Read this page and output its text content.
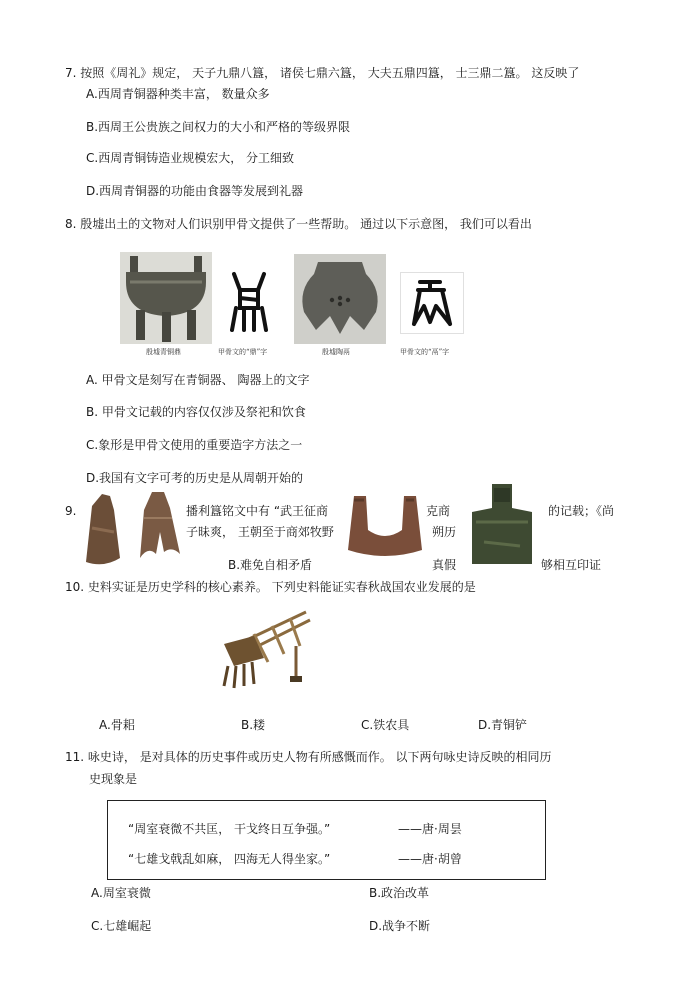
7. 按照《周礼》规定， 天子九鼎八簋， 诸侯七鼎六簋， 大夫五鼎四簋， 士三鼎二簋。 这反映了
A.西周青铜器种类丰富， 数量众多
B.西周王公贵族之间权力的大小和严格的等级界限
C.西周青铜铸造业规模宏大， 分工细致
D.西周青铜器的功能由食器等发展到礼器
8. 殷墟出土的文物对人们识别甲骨文提供了一些帮助。 通过以下示意图， 我们可以看出
殷墟青铜鼎	甲骨文的“鼎”字	殷墟陶鬲	甲骨文的“鬲”字
A. 甲骨文是刻写在青铜器、 陶器上的文字
B. 甲骨文记载的内容仅仅涉及祭祀和饮食
C.象形是甲骨文使用的重要造字方法之一
D.我国有文字可考的历史是从周朝开始的
9.	播利簋铭文中有 “武王征商
子昧爽， 王朝至于商郊牧野
克商
朔历
的记载；《尚
B.难免自相矛盾	真假	够相互印证
10. 史料实证是历史学科的核心素养。 下列史料能证实春秋战国农业发展的是
A.骨耜	B.耧	C.铁农具	D.青铜铲
11. 咏史诗， 是对具体的历史事件或历史人物有所感慨而作。 以下两句咏史诗反映的相同历
史现象是
“周室衰微不共匡， 干戈终日互争强。”	——唐·周昙
“七雄戈戟乱如麻， 四海无人得坐家。”	——唐·胡曾
A.周室衰微	B.政治改革
C.七雄崛起	D.战争不断
